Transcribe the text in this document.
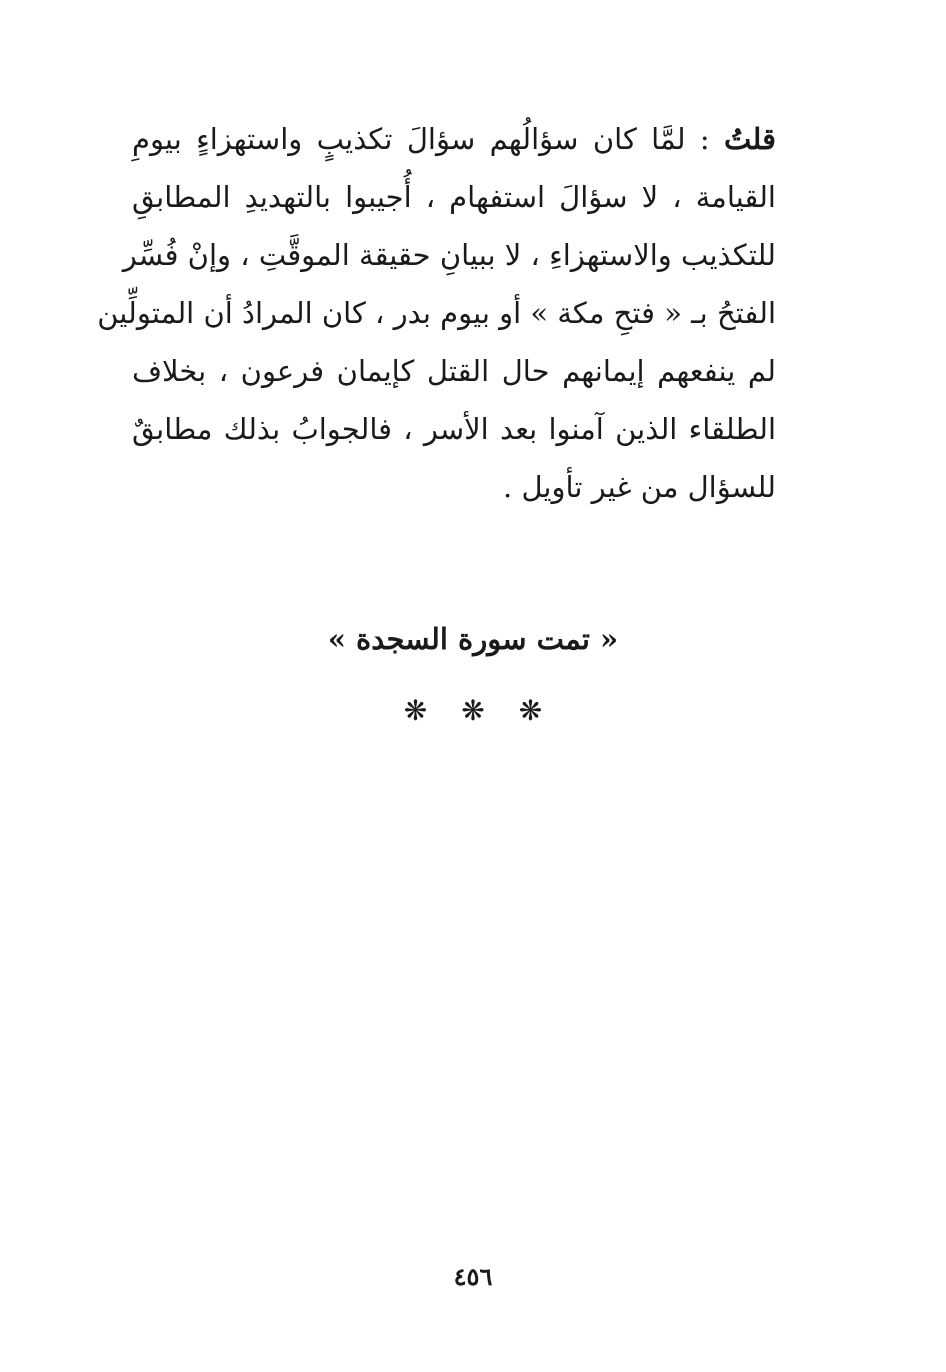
قلتُ : لمَّا كان سؤالُهم سؤالَ تكذيبٍ واستهزاءٍ بيومِ
القيامة ، لا سؤالَ استفهام ، أُجيبوا بالتهديدِ المطابقِ
للتكذيب والاستهزاءِ ، لا ببيانِ حقيقة الموقَّتِ ، وإنْ فُسِّر
الفتحُ بـ « فتحِ مكة » أو بيوم بدر ، كان المرادُ أن المتولِّين
لم ينفعهم إيمانهم حال القتل كإيمان فرعون ، بخلاف
الطلقاء الذين آمنوا بعد الأسر ، فالجوابُ بذلك مطابقٌ
للسؤال من غير تأويل .
« تمت سورة السجدة »
❋❋❋
٤٥٦
